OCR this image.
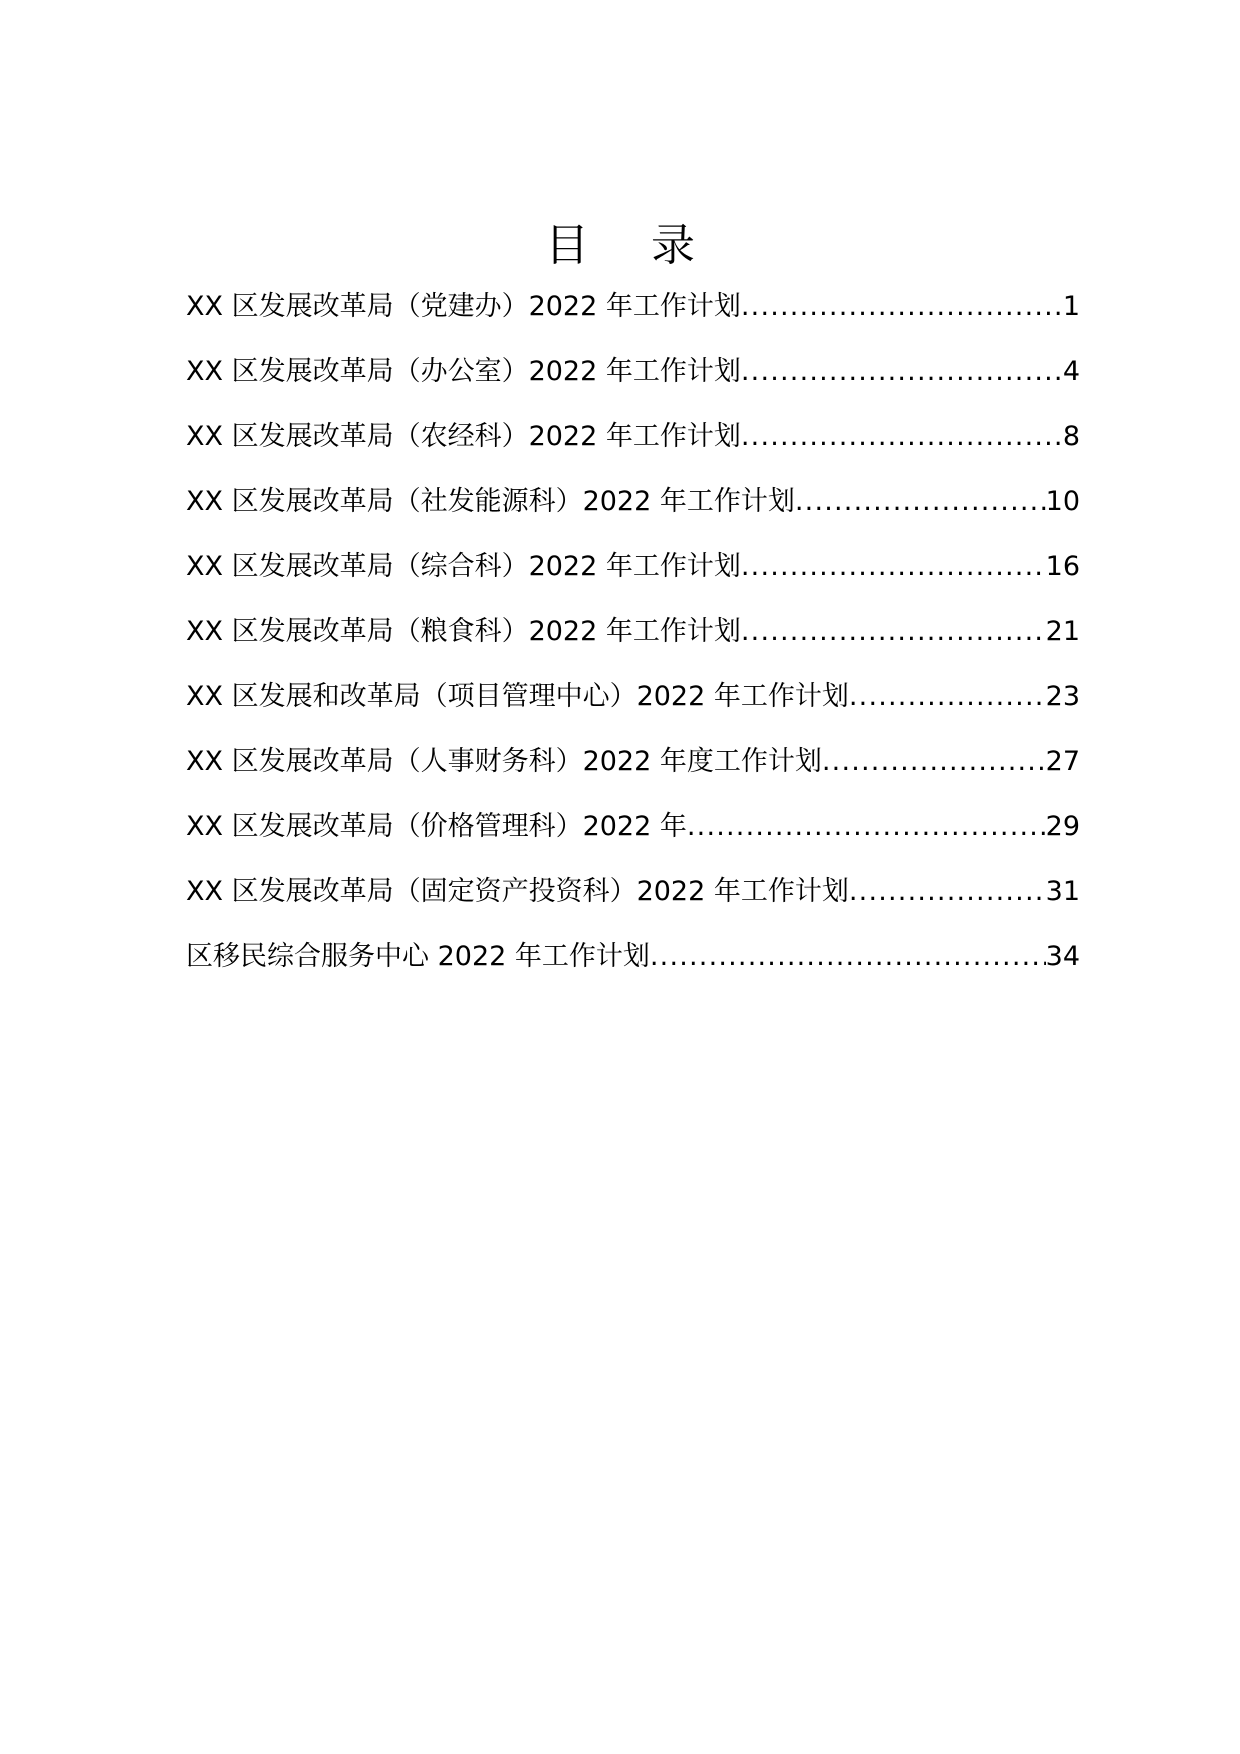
目 录
XX 区发展改革局（党建办）2022 年工作计划 .....	1
XX 区发展改革局（办公室）2022 年工作计划 .....	4
XX 区发展改革局（农经科）2022 年工作计划 .....	8
XX 区发展改革局（社发能源科）2022 年工作计划 .....	10
XX 区发展改革局（综合科）2022 年工作计划 .....	16
XX 区发展改革局（粮食科）2022 年工作计划 .....	21
XX 区发展和改革局（项目管理中心）2022 年工作计划 .....	23
XX 区发展改革局（人事财务科）2022 年度工作计划 .....	27
XX 区发展改革局（价格管理科）2022 年 .....	29
XX 区发展改革局（固定资产投资科）2022 年工作计划 .....	31
区移民综合服务中心 2022 年工作计划 .....	34
